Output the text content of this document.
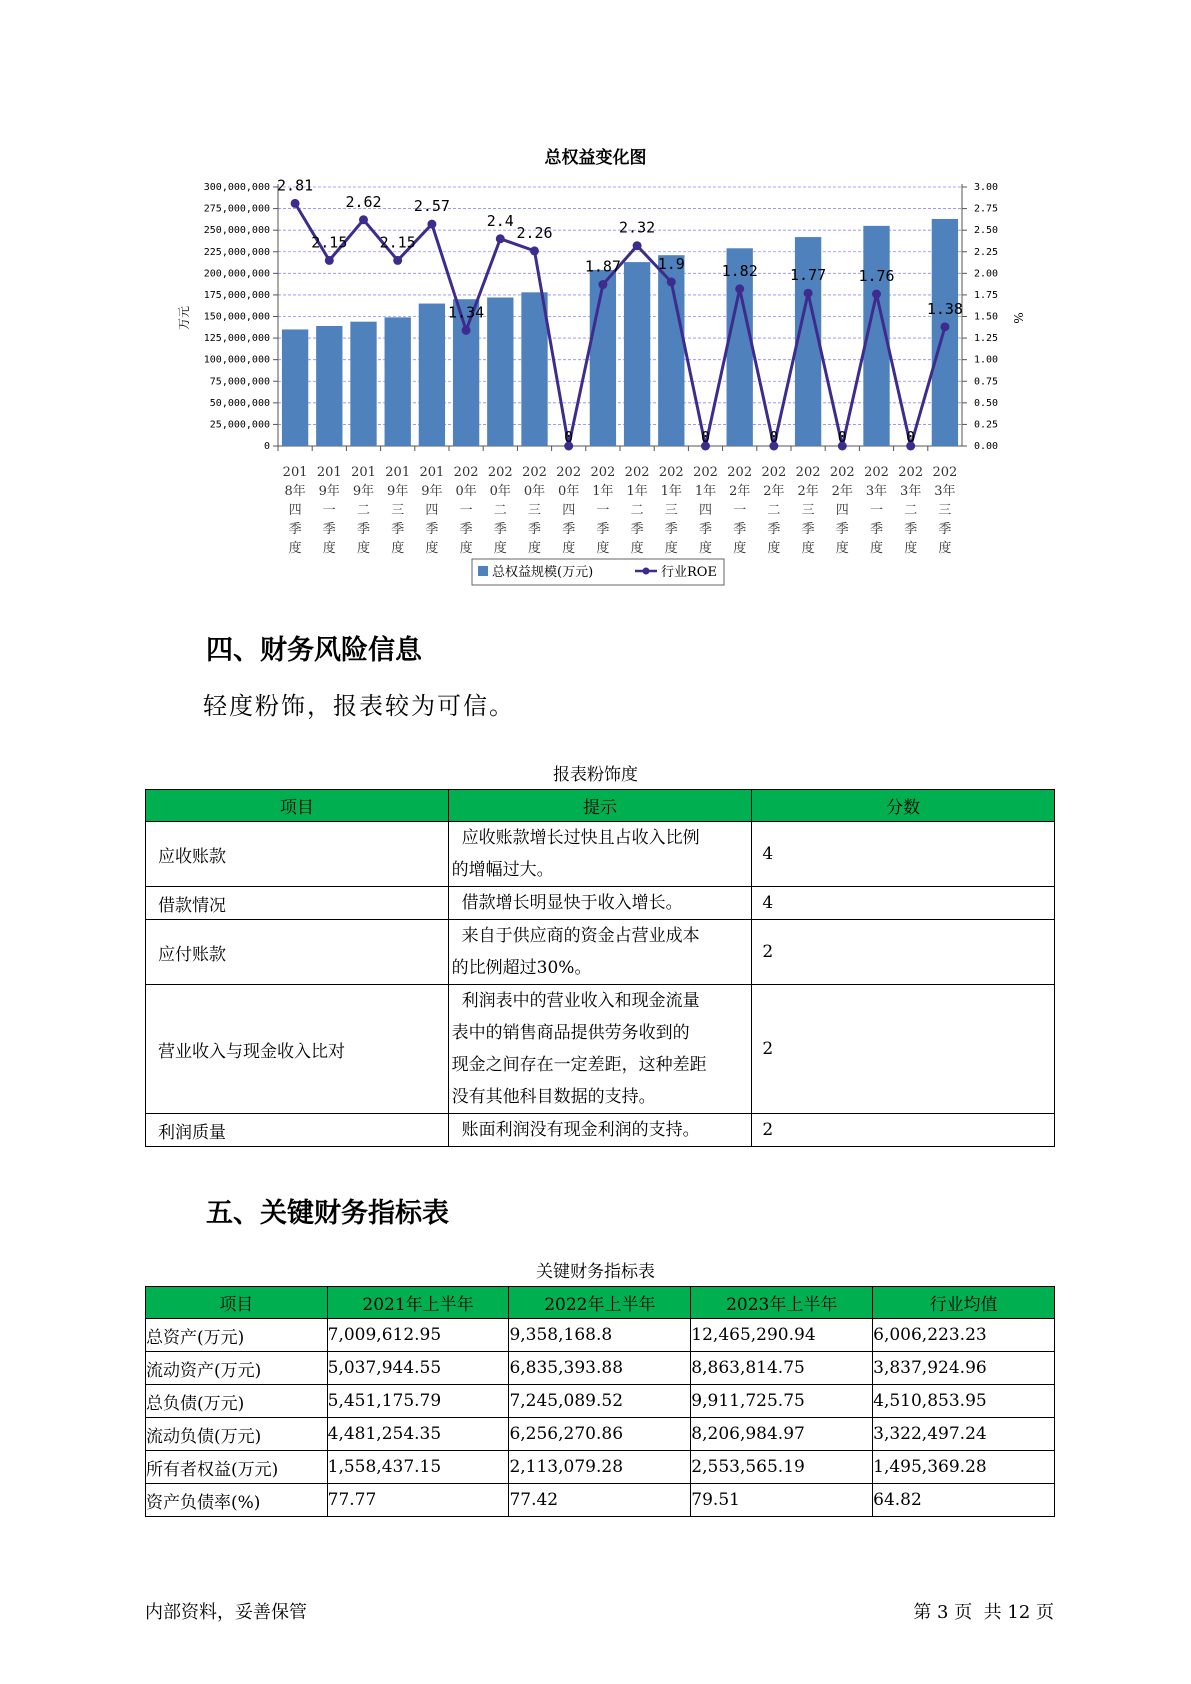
总权益变化图
0
25,000,000
50,000,000
75,000,000
100,000,000
125,000,000
150,000,000
175,000,000
200,000,000
225,000,000
250,000,000
275,000,000
300,000,000
0.00
0.25
0.50
0.75
1.00
1.25
1.50
1.75
2.00
2.25
2.50
2.75
3.00
万元	%
201
8年
四
季
度
201
9年
一
季
度
201
9年
二
季
度
201
9年
三
季
度
201
9年
四
季
度
202
0年
一
季
度
202
0年
二
季
度
202
0年
三
季
度
202
0年
四
季
度
202
1年
一
季
度
202
1年
二
季
度
202
1年
三
季
度
202
1年
四
季
度
202
2年
一
季
度
202
2年
二
季
度
202
2年
三
季
度
202
2年
四
季
度
202
3年
一
季
度
202
3年
二
季
度
202
3年
三
季
度
2.81
2.15
2.62
2.15
2.57
1.34
2.4
2.26
0
1.87
2.32
1.9
0
1.82
0
1.77
0
1.76
0
1.38
总权益规模(万元)	行业ROE
四、财务风险信息
轻度粉饰，报表较为可信。
报表粉饰度
项目	提示	分数
应收账款	应收账款增长过快且占收入比例
的增幅过大。	4
借款情况	借款增长明显快于收入增长。	4
应付账款	来自于供应商的资金占营业成本
的比例超过30%。	2
营业收入与现金收入比对	利润表中的营业收入和现金流量
表中的销售商品提供劳务收到的
现金之间存在一定差距，这种差距
没有其他科目数据的支持。	2
利润质量	账面利润没有现金利润的支持。	2
五、关键财务指标表
关键财务指标表
项目	2021年上半年	2022年上半年	2023年上半年	行业均值
总资产(万元)	7,009,612.95	9,358,168.8	12,465,290.94	6,006,223.23
流动资产(万元)	5,037,944.55	6,835,393.88	8,863,814.75	3,837,924.96
总负债(万元)	5,451,175.79	7,245,089.52	9,911,725.75	4,510,853.95
流动负债(万元)	4,481,254.35	6,256,270.86	8,206,984.97	3,322,497.24
所有者权益(万元)	1,558,437.15	2,113,079.28	2,553,565.19	1,495,369.28
资产负债率(%)	77.77	77.42	79.51	64.82
内部资料，妥善保管	第 3 页  共 12 页
